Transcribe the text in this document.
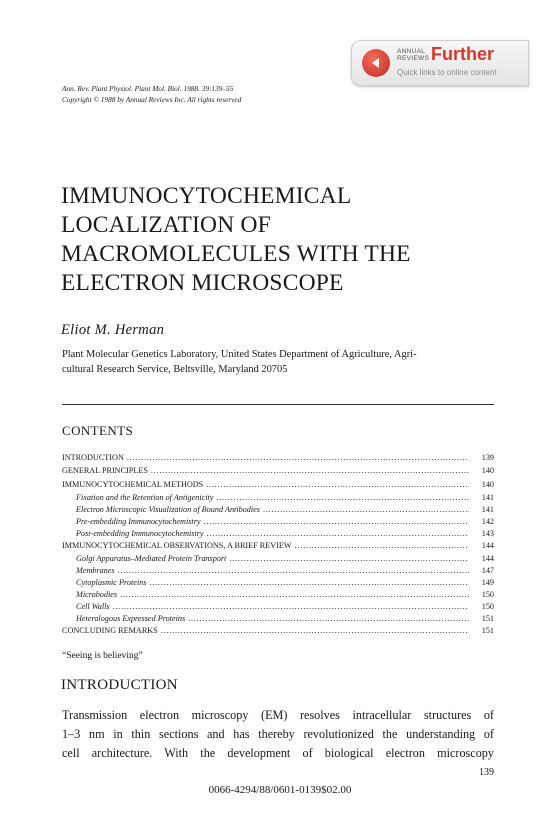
ANNUAL
REVIEWS Further
Quick links to online content
Ann. Rev. Plant Physiol. Plant Mol. Biol. 1988. 39:139–55
Copyright © 1988 by Annual Reviews Inc. All rights reserved
IMMUNOCYTOCHEMICAL
LOCALIZATION OF
MACROMOLECULES WITH THE
ELECTRON MICROSCOPE
Eliot M. Herman
Plant Molecular Genetics Laboratory, United States Department of Agriculture, Agri-
cultural Research Service, Beltsville, Maryland 20705
CONTENTS
INTRODUCTION .....	139
GENERAL PRINCIPLES .....	140
IMMUNOCYTOCHEMICAL METHODS .....	140
Fixation and the Retention of Antigenicity .....	141
Electron Microscopic Visualization of Bound Antibodies .....	141
Pre-embedding Immunocytochemistry .....	142
Post-embedding Immunocytochemistry .....	143
IMMUNOCYTOCHEMICAL OBSERVATIONS, A BRIEF REVIEW .....	144
Golgi Apparatus–Mediated Protein Transport .....	144
Membranes .....	147
Cytoplasmic Proteins .....	149
Microbodies .....	150
Cell Walls .....	150
Heterologous Expressed Proteins .....	151
CONCLUDING REMARKS .....	151
“Seeing is believing”
INTRODUCTION
Transmission electron microscopy (EM) resolves intracellular structures of
1–3 nm in thin sections and has thereby revolutionized the understanding of
cell architecture. With the development of biological electron microscopy
139
0066-4294/88/0601-0139$02.00
